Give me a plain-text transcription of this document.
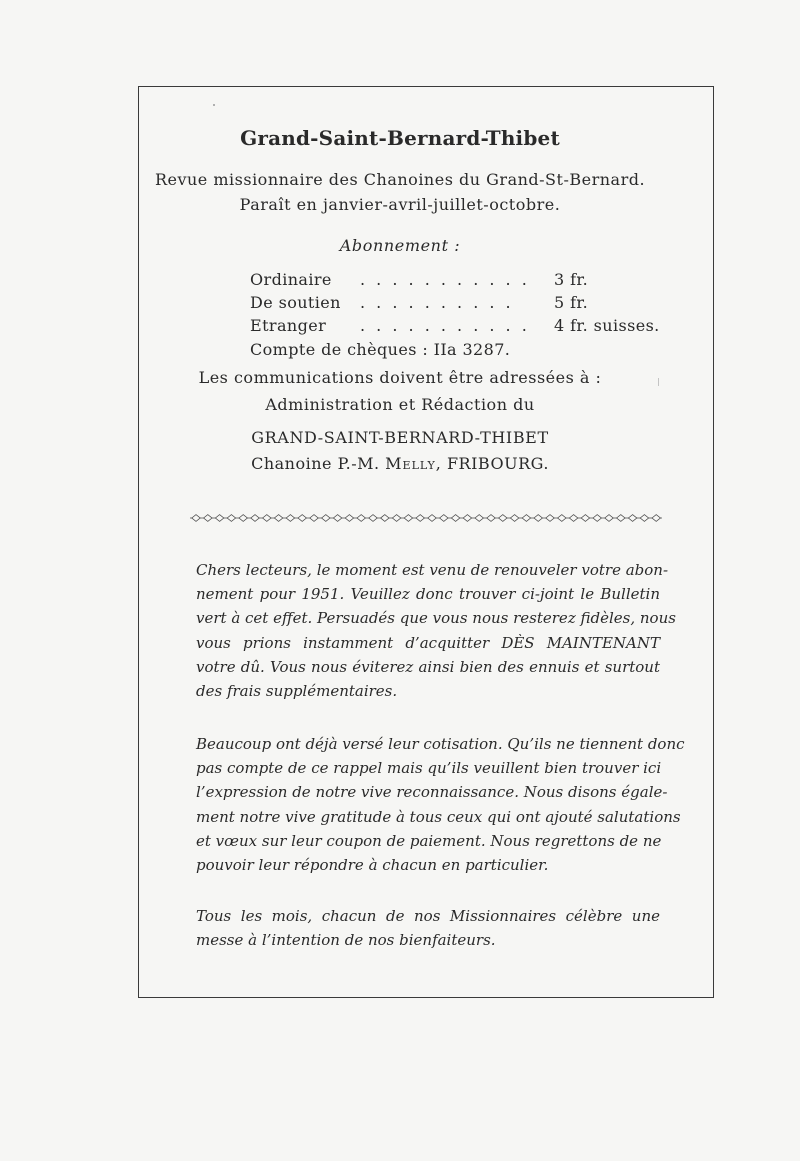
Grand-Saint-Bernard-Thibet
Revue missionnaire des Chanoines du Grand-St-Bernard.
Paraît en janvier-avril-juillet-octobre.
Abonnement :
Ordinaire . . . . . . . . . . . 3 fr.
De soutien . . . . . . . . . .	5 fr.
Etranger . . . . . . . . . . . 4 fr. suisses.
Compte de chèques : IIa 3287.
Les communications doivent être adressées à :
Administration et Rédaction du
GRAND-SAINT-BERNARD-THIBET
Chanoine P.-M. Melly, FRIBOURG.
Chers lecteurs, le moment est venu de renouveler votre abon-
nement pour 1951. Veuillez donc trouver ci-joint le Bulletin
vert à cet effet. Persuadés que vous nous resterez fidèles, nous
vous prions instamment d’acquitter DÈS MAINTENANT
votre dû. Vous nous éviterez ainsi bien des ennuis et surtout
des frais supplémentaires.
Beaucoup ont déjà versé leur cotisation. Qu’ils ne tiennent donc
pas compte de ce rappel mais qu’ils veuillent bien trouver ici
l’expression de notre vive reconnaissance. Nous disons égale-
ment notre vive gratitude à tous ceux qui ont ajouté salutations
et vœux sur leur coupon de paiement. Nous regrettons de ne
pouvoir leur répondre à chacun en particulier.
Tous les mois, chacun de nos Missionnaires célèbre une
messe à l’intention de nos bienfaiteurs.
